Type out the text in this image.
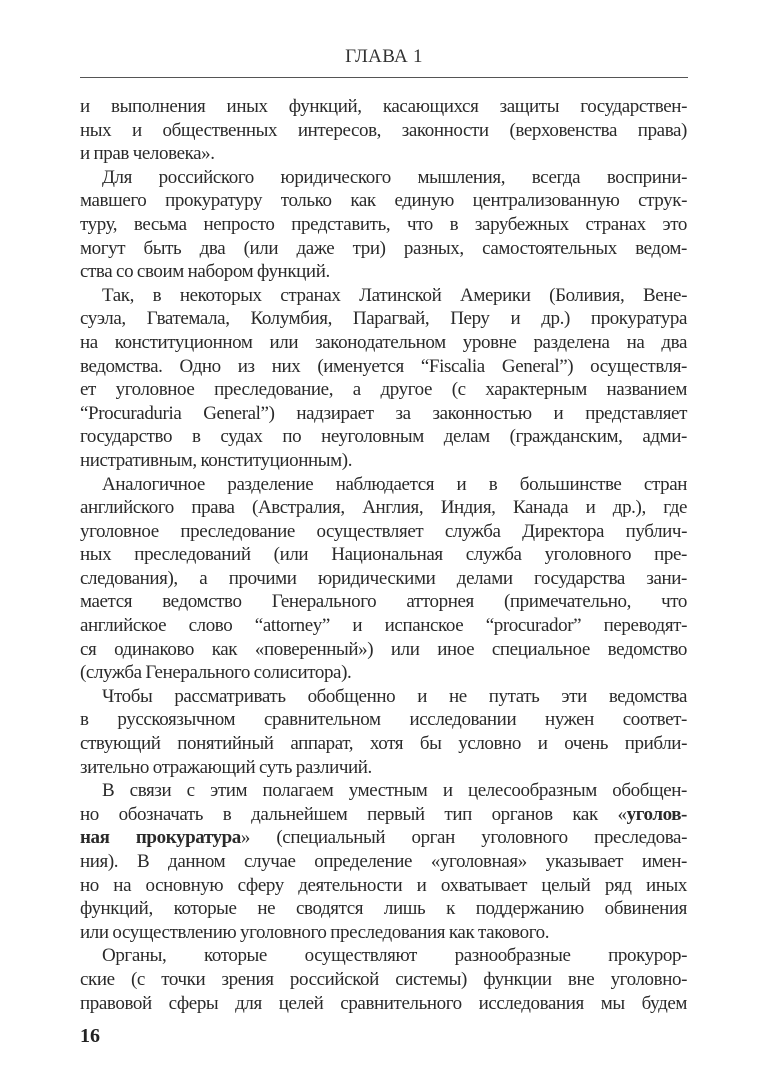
ГЛАВА 1
и выполнения иных функций, касающихся защиты государствен-
ных и общественных интересов, законности (верховенства права)
и прав человека».
Для российского юридического мышления, всегда восприни-
мавшего прокуратуру только как единую централизованную струк-
туру, весьма непросто представить, что в зарубежных странах это
могут быть два (или даже три) разных, самостоятельных ведом-
ства со своим набором функций.
Так, в некоторых странах Латинской Америки (Боливия, Вене-
суэла, Гватемала, Колумбия, Парагвай, Перу и др.) прокуратура
на конституционном или законодательном уровне разделена на два
ведомства. Одно из них (именуется “Fiscalia General”) осуществля-
ет уголовное преследование, а другое (с характерным названием
“Procuraduria General”) надзирает за законностью и представляет
государство в судах по неуголовным делам (гражданским, адми-
нистративным, конституционным).
Аналогичное разделение наблюдается и в большинстве стран
английского права (Австралия, Англия, Индия, Канада и др.), где
уголовное преследование осуществляет служба Директора публич-
ных преследований (или Национальная служба уголовного пре-
следования), а прочими юридическими делами государства зани-
мается ведомство Генерального атторнея (примечательно, что
английское слово “attorney” и испанское “procurador” переводят-
ся одинаково как «поверенный») или иное специальное ведомство
(служба Генерального солиситора).
Чтобы рассматривать обобщенно и не путать эти ведомства
в русскоязычном сравнительном исследовании нужен соответ-
ствующий понятийный аппарат, хотя бы условно и очень прибли-
зительно отражающий суть различий.
В связи с этим полагаем уместным и целесообразным обобщен-
но обозначать в дальнейшем первый тип органов как «уголов-
ная прокуратура» (специальный орган уголовного преследова-
ния). В данном случае определение «уголовная» указывает имен-
но на основную сферу деятельности и охватывает целый ряд иных
функций, которые не сводятся лишь к поддержанию обвинения
или осуществлению уголовного преследования как такового.
Органы, которые осуществляют разнообразные прокурор-
ские (с точки зрения российской системы) функции вне уголовно-
правовой сферы для целей сравнительного исследования мы будем
16
